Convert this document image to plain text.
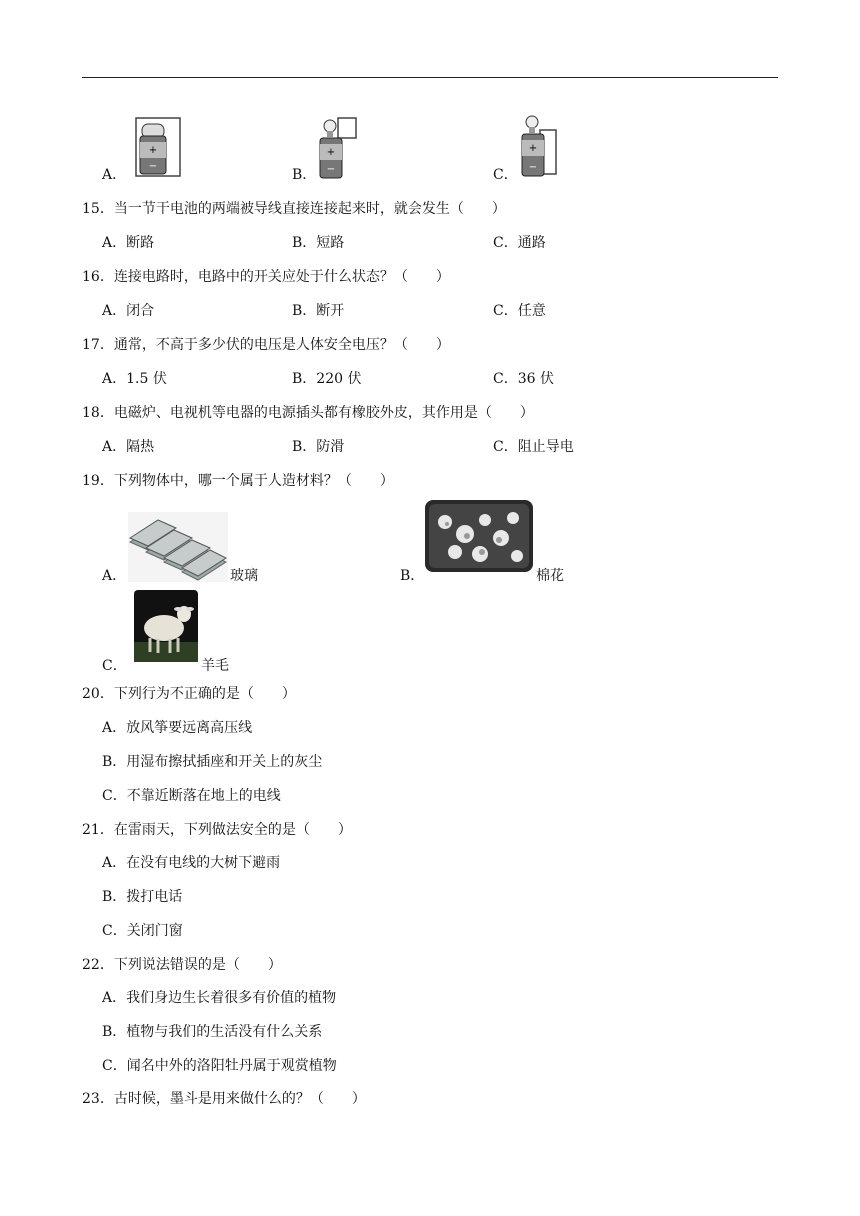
A．
+
−
B．
+
−	C．
+
−
15．当一节干电池的两端被导线直接连接起来时，就会发生（　　）
A．断路	B．短路	C．通路
16．连接电路时，电路中的开关应处于什么状态？（　　）
A．闭合	B．断开	C．任意
17．通常，不高于多少伏的电压是人体安全电压？（　　）
A．1.5 伏	B．220 伏	C．36 伏
18．电磁炉、电视机等电器的电源插头都有橡胶外皮，其作用是（　　）
A．隔热	B．防滑	C．阻止导电
19．下列物体中，哪一个属于人造材料？（　　）
A．	玻璃	B．	棉花
C．	羊毛
20．下列行为不正确的是（　　）
A．放风筝要远离高压线
B．用湿布擦拭插座和开关上的灰尘
C．不靠近断落在地上的电线
21．在雷雨天，下列做法安全的是（　　）
A．在没有电线的大树下避雨
B．拨打电话
C．关闭门窗
22．下列说法错误的是（　　）
A．我们身边生长着很多有价值的植物
B．植物与我们的生活没有什么关系
C．闻名中外的洛阳牡丹属于观赏植物
23．古时候，墨斗是用来做什么的？（　　）
